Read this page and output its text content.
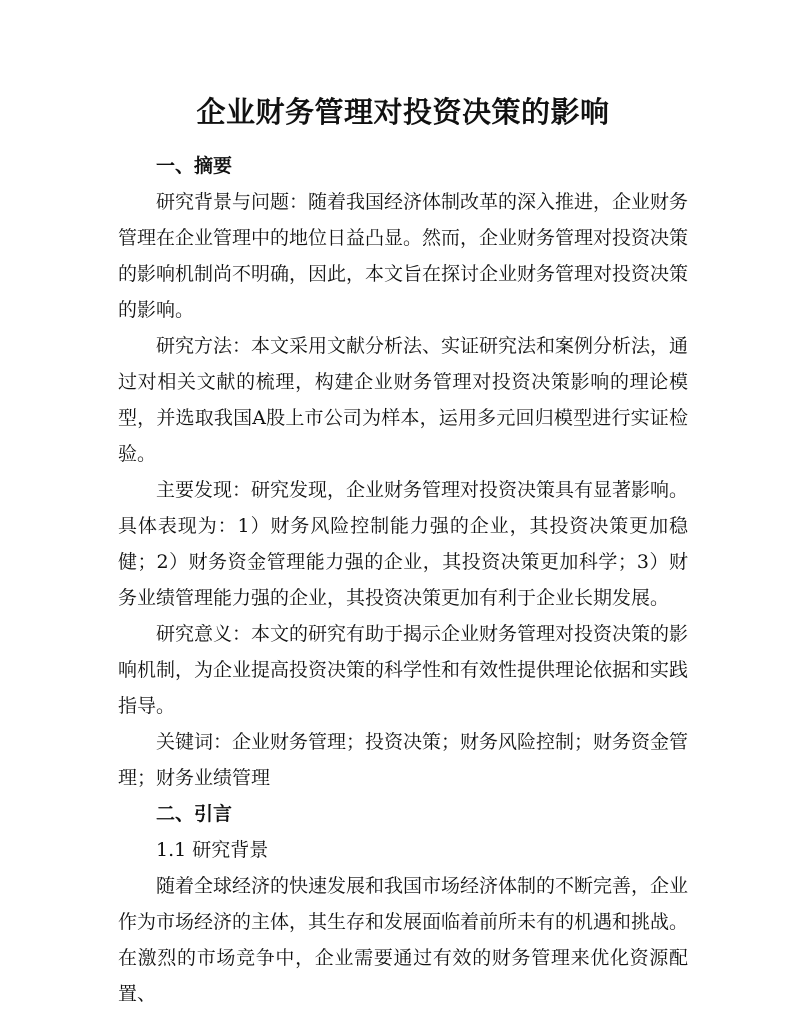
企业财务管理对投资决策的影响
一、摘要

研究背景与问题：随着我国经济体制改革的深入推进，企业财务管理在企业管理中的地位日益凸显。然而，企业财务管理对投资决策的影响机制尚不明确，因此，本文旨在探讨企业财务管理对投资决策的影响。

研究方法：本文采用文献分析法、实证研究法和案例分析法，通过对相关文献的梳理，构建企业财务管理对投资决策影响的理论模型，并选取我国A股上市公司为样本，运用多元回归模型进行实证检验。

主要发现：研究发现，企业财务管理对投资决策具有显著影响。具体表现为：1）财务风险控制能力强的企业，其投资决策更加稳健；2）财务资金管理能力强的企业，其投资决策更加科学；3）财务业绩管理能力强的企业，其投资决策更加有利于企业长期发展。

研究意义：本文的研究有助于揭示企业财务管理对投资决策的影响机制，为企业提高投资决策的科学性和有效性提供理论依据和实践指导。

关键词：企业财务管理；投资决策；财务风险控制；财务资金管理；财务业绩管理

二、引言
1.1 研究背景

随着全球经济的快速发展和我国市场经济体制的不断完善，企业作为市场经济的主体，其生存和发展面临着前所未有的机遇和挑战。在激烈的市场竞争中，企业需要通过有效的财务管理来优化资源配置、
